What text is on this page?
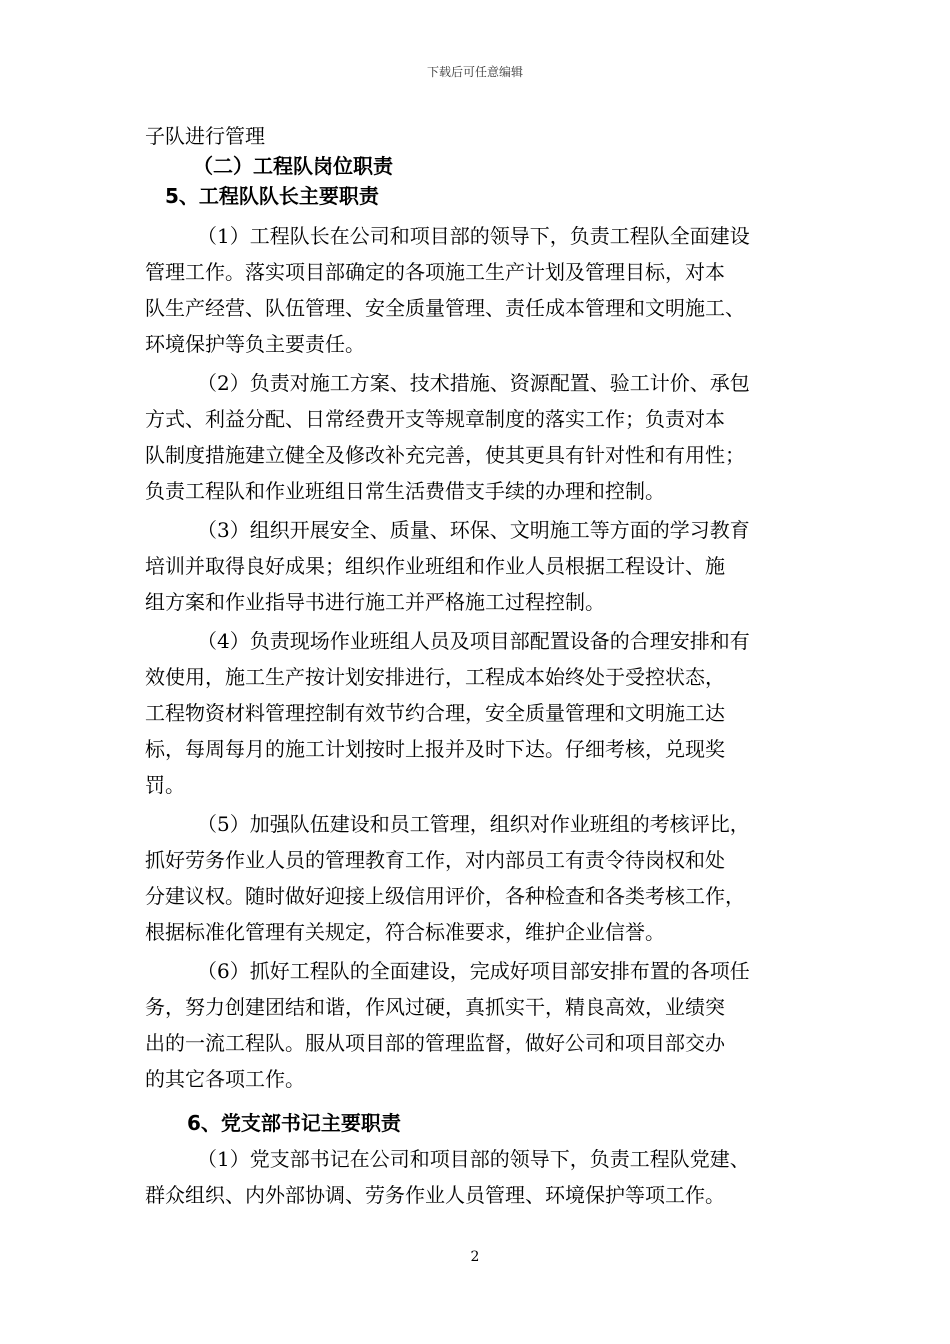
下载后可任意编辑

子队进行管理

（二）工程队岗位职责

5、工程队队长主要职责

（1）工程队长在公司和项目部的领导下，负责工程队全面建设

管理工作。落实项目部确定的各项施工生产计划及管理目标，对本

队生产经营、队伍管理、安全质量管理、责任成本管理和文明施工、

环境保护等负主要责任。

（2）负责对施工方案、技术措施、资源配置、验工计价、承包

方式、利益分配、日常经费开支等规章制度的落实工作；负责对本

队制度措施建立健全及修改补充完善，使其更具有针对性和有用性；

负责工程队和作业班组日常生活费借支手续的办理和控制。

（3）组织开展安全、质量、环保、文明施工等方面的学习教育

培训并取得良好成果；组织作业班组和作业人员根据工程设计、施

组方案和作业指导书进行施工并严格施工过程控制。

（4）负责现场作业班组人员及项目部配置设备的合理安排和有

效使用，施工生产按计划安排进行，工程成本始终处于受控状态，

工程物资材料管理控制有效节约合理，安全质量管理和文明施工达

标，每周每月的施工计划按时上报并及时下达。仔细考核，兑现奖

罚。

（5）加强队伍建设和员工管理，组织对作业班组的考核评比，

抓好劳务作业人员的管理教育工作，对内部员工有责令待岗权和处

分建议权。随时做好迎接上级信用评价，各种检查和各类考核工作，

根据标准化管理有关规定，符合标准要求，维护企业信誉。

（6）抓好工程队的全面建设，完成好项目部安排布置的各项任

务，努力创建团结和谐，作风过硬，真抓实干，精良高效，业绩突

出的一流工程队。服从项目部的管理监督，做好公司和项目部交办

的其它各项工作。

6、党支部书记主要职责

（1）党支部书记在公司和项目部的领导下，负责工程队党建、

群众组织、内外部协调、劳务作业人员管理、环境保护等项工作。

2
